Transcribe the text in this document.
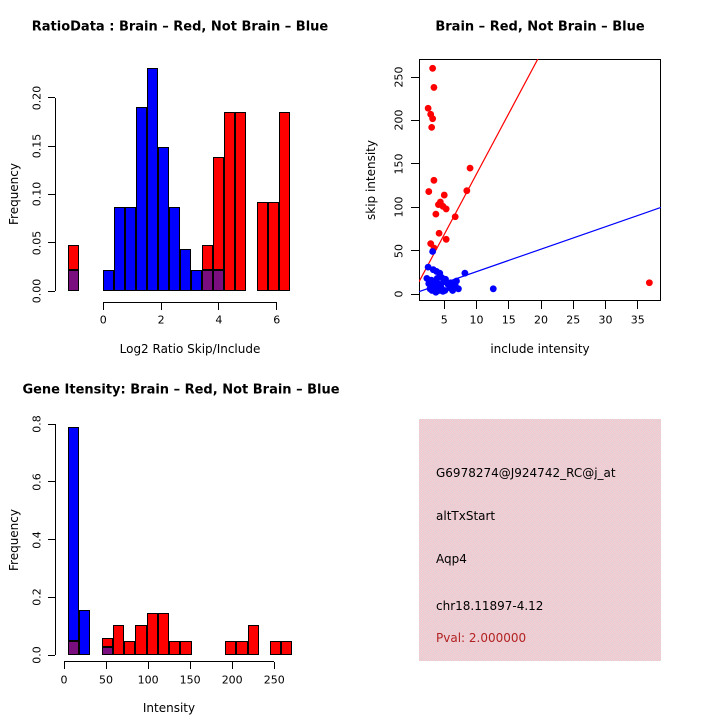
RatioData : Brain – Red, Not Brain – Blue	Brain – Red, Not Brain – Blue
Gene Itensity: Brain – Red, Not Brain – Blue
Frequency
Log2 Ratio Skip/Include
skip intensity
include intensity
Frequency
Intensity
G6978274@J924742_RC@j_at
altTxStart
Aqp4
chr18.11897-4.12
Pval: 2.000000
0	2	4	6
0.00
0.05
0.10
0.15
0.20
0	50 100 150 200 250
0.0
0.2
0.4
0.6
0.8
5 10 15 20 25 30 35
0
50
100
150
200
250
